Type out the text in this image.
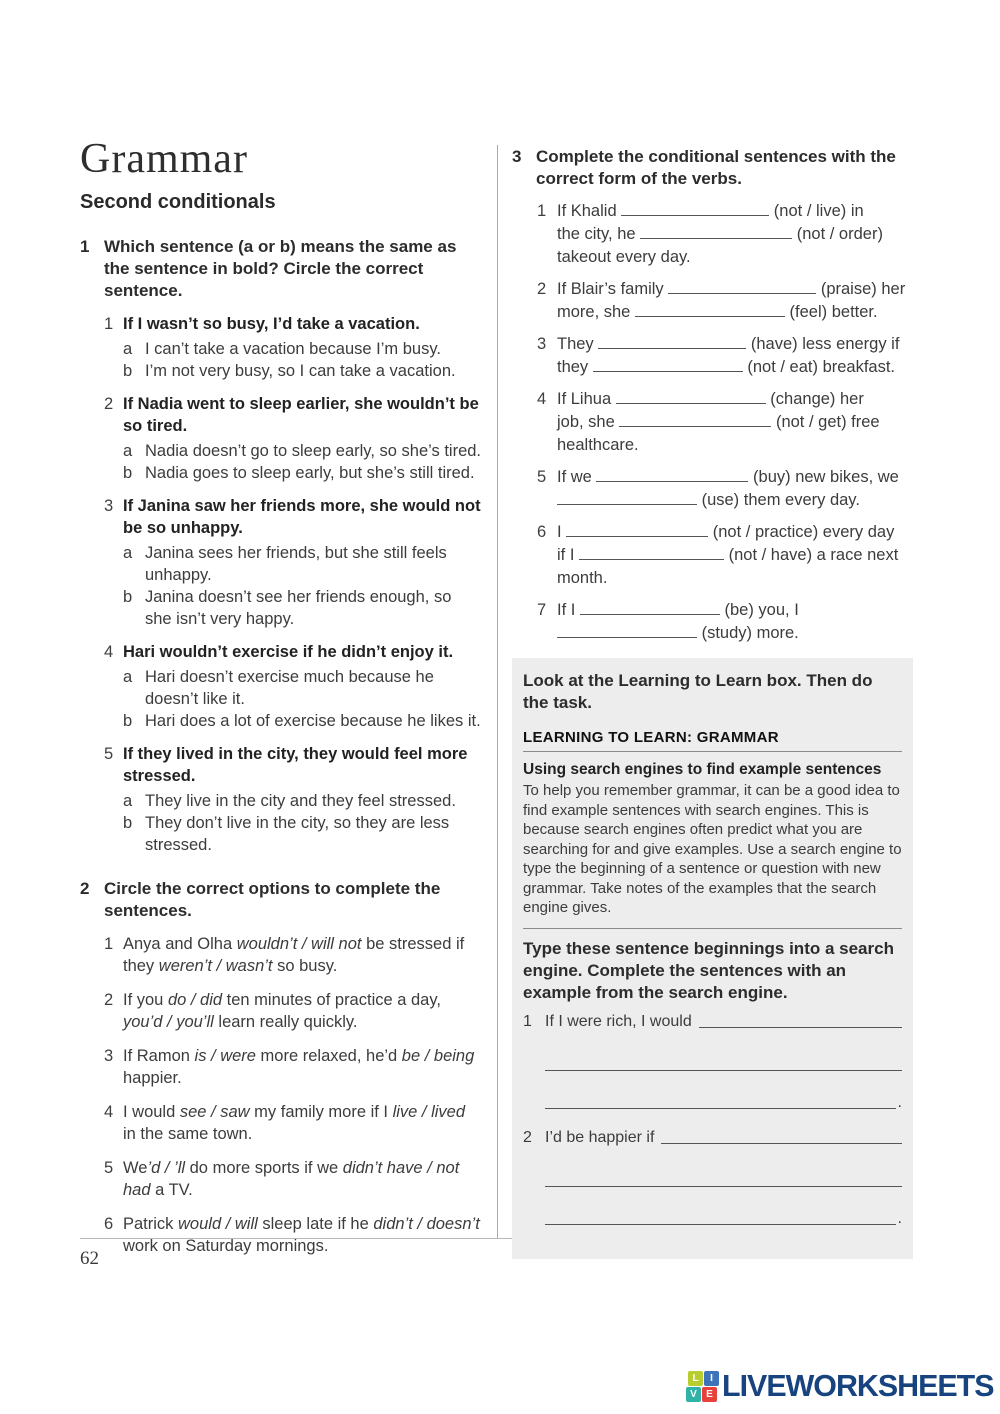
Grammar
Second conditionals
1 Which sentence (a or b) means the same as the sentence in bold? Circle the correct sentence.
1 If I wasn’t so busy, I’d take a vacation.
a I can’t take a vacation because I’m busy.
b I’m not very busy, so I can take a vacation.
2 If Nadia went to sleep earlier, she wouldn’t be so tired.
a Nadia doesn’t go to sleep early, so she’s tired.
b Nadia goes to sleep early, but she’s still tired.
3 If Janina saw her friends more, she would not be so unhappy.
a Janina sees her friends, but she still feels unhappy.
b Janina doesn’t see her friends enough, so she isn’t very happy.
4 Hari wouldn’t exercise if he didn’t enjoy it.
a Hari doesn’t exercise much because he doesn’t like it.
b Hari does a lot of exercise because he likes it.
5 If they lived in the city, they would feel more stressed.
a They live in the city and they feel stressed.
b They don’t live in the city, so they are less stressed.
2 Circle the correct options to complete the sentences.
1 Anya and Olha wouldn’t / will not be stressed if they weren’t / wasn’t so busy.
2 If you do / did ten minutes of practice a day, you’d / you’ll learn really quickly.
3 If Ramon is / were more relaxed, he’d be / being happier.
4 I would see / saw my family more if I live / lived in the same town.
5 We’d / ’ll do more sports if we didn’t have / not had a TV.
6 Patrick would / will sleep late if he didn’t / doesn’t work on Saturday mornings.
3 Complete the conditional sentences with the correct form of the verbs.
1 If Khalid	(not / live) in
the city, he	(not / order)
takeout every day.
2 If Blair’s family	(praise) her
more, she	(feel) better.
3 They	(have) less energy if
they	(not / eat) breakfast.
4 If Lihua	(change) her
job, she	(not / get) free
healthcare.
5 If we	(buy) new bikes, we
(use) them every day.
6 I	(not / practice) every day
if I	(not / have) a race next
month.
7 If I	(be) you, I
(study) more.
Look at the Learning to Learn box. Then do the task.
LEARNING TO LEARN: GRAMMAR
Using search engines to find example sentences
To help you remember grammar, it can be a good idea to find example sentences with search engines. This is because search engines often predict what you are searching for and give examples. Use a search engine to type the beginning of a sentence or question with new grammar. Take notes of the examples that the search engine gives.
Type these sentence beginnings into a search engine. Complete the sentences with an example from the search engine.
1 If I were rich, I would
.
2 I’d be happier if
.
62
L	I
V E LIVEWORKSHEETS
